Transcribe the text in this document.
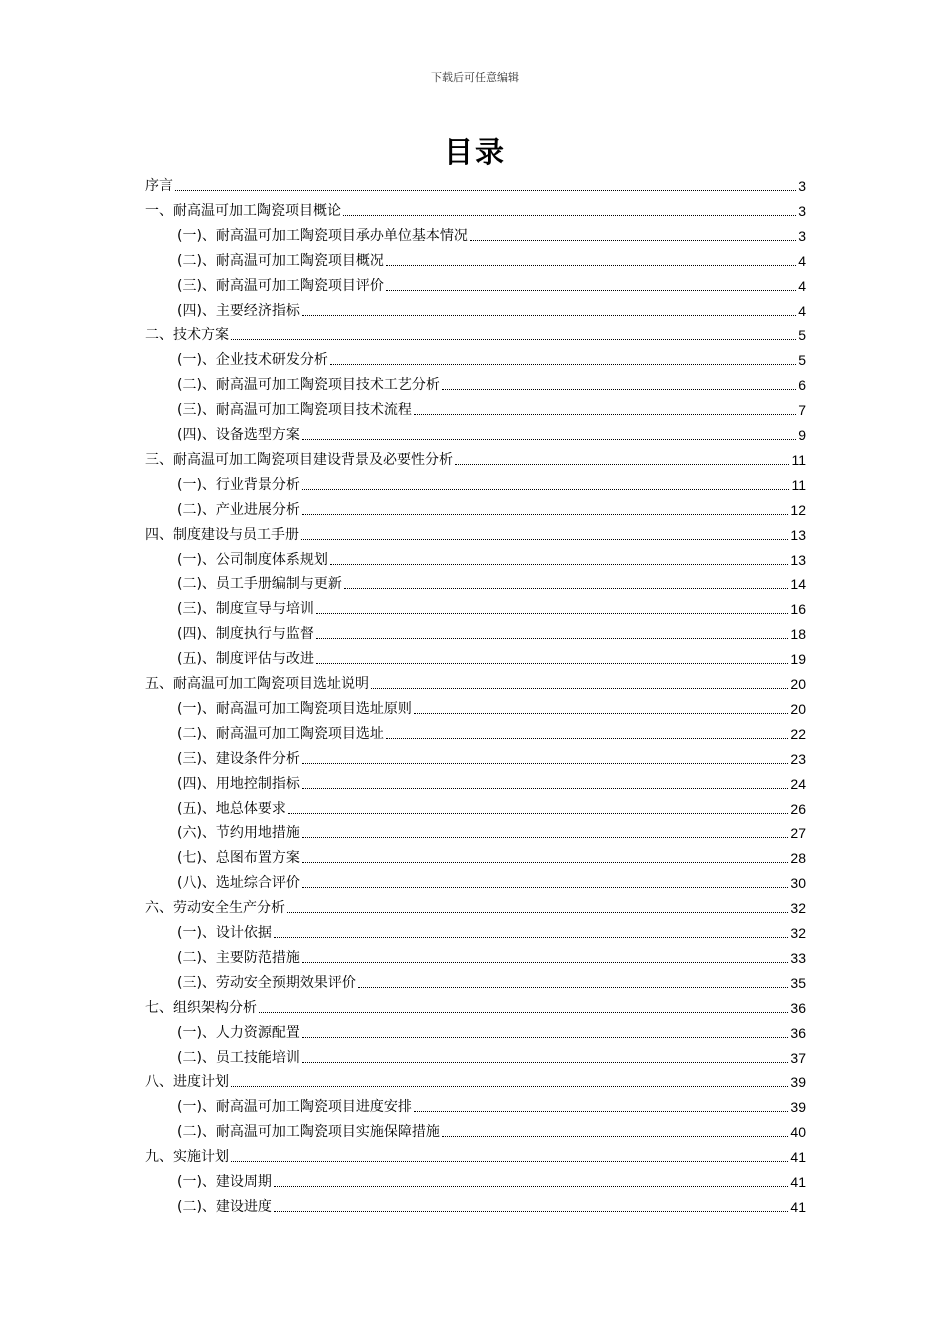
下载后可任意编辑
目录
序言	3
一、耐高温可加工陶瓷项目概论	3
(一)、耐高温可加工陶瓷项目承办单位基本情况	3
(二)、耐高温可加工陶瓷项目概况	4
(三)、耐高温可加工陶瓷项目评价	4
(四)、主要经济指标	4
二、技术方案	5
(一)、企业技术研发分析	5
(二)、耐高温可加工陶瓷项目技术工艺分析	6
(三)、耐高温可加工陶瓷项目技术流程	7
(四)、设备选型方案	9
三、耐高温可加工陶瓷项目建设背景及必要性分析	11
(一)、行业背景分析	11
(二)、产业进展分析	12
四、制度建设与员工手册	13
(一)、公司制度体系规划	13
(二)、员工手册编制与更新	14
(三)、制度宣导与培训	16
(四)、制度执行与监督	18
(五)、制度评估与改进	19
五、耐高温可加工陶瓷项目选址说明	20
(一)、耐高温可加工陶瓷项目选址原则	20
(二)、耐高温可加工陶瓷项目选址	22
(三)、建设条件分析	23
(四)、用地控制指标	24
(五)、地总体要求	26
(六)、节约用地措施	27
(七)、总图布置方案	28
(八)、选址综合评价	30
六、劳动安全生产分析	32
(一)、设计依据	32
(二)、主要防范措施	33
(三)、劳动安全预期效果评价	35
七、组织架构分析	36
(一)、人力资源配置	36
(二)、员工技能培训	37
八、进度计划	39
(一)、耐高温可加工陶瓷项目进度安排	39
(二)、耐高温可加工陶瓷项目实施保障措施	40
九、实施计划	41
(一)、建设周期	41
(二)、建设进度	41
